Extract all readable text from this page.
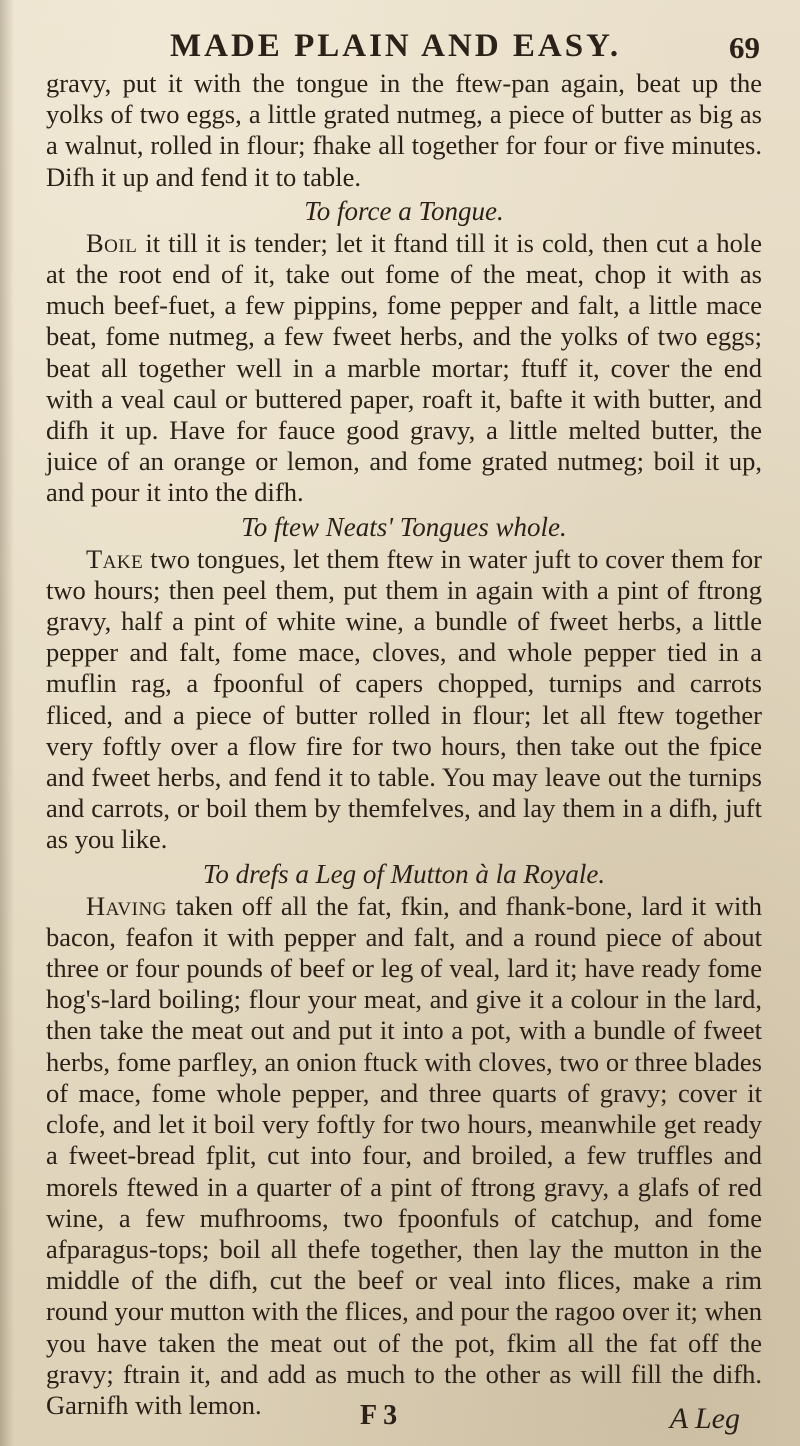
MADE PLAIN AND EASY.	69

gravy, put it with the tongue in the ftew-pan again, beat up the yolks of two eggs, a little grated nutmeg, a piece of butter as big as a walnut, rolled in flour; fhake all together for four or five minutes. Difh it up and fend it to table.

To force a Tongue.

Boil it till it is tender; let it ftand till it is cold, then cut a hole at the root end of it, take out fome of the meat, chop it with as much beef-fuet, a few pippins, fome pepper and falt, a little mace beat, fome nutmeg, a few fweet herbs, and the yolks of two eggs; beat all together well in a marble mortar; ftuff it, cover the end with a veal caul or buttered paper, roaft it, bafte it with butter, and difh it up. Have for fauce good gravy, a little melted butter, the juice of an orange or lemon, and fome grated nutmeg; boil it up, and pour it into the difh.

To ftew Neats' Tongues whole.

Take two tongues, let them ftew in water juft to cover them for two hours; then peel them, put them in again with a pint of ftrong gravy, half a pint of white wine, a bundle of fweet herbs, a little pepper and falt, fome mace, cloves, and whole pepper tied in a muflin rag, a fpoonful of capers chopped, turnips and carrots fliced, and a piece of butter rolled in flour; let all ftew together very foftly over a flow fire for two hours, then take out the fpice and fweet herbs, and fend it to table. You may leave out the turnips and carrots, or boil them by themfelves, and lay them in a difh, juft as you like.

To drefs a Leg of Mutton à la Royale.

Having taken off all the fat, fkin, and fhank-bone, lard it with bacon, feafon it with pepper and falt, and a round piece of about three or four pounds of beef or leg of veal, lard it; have ready fome hog's-lard boiling; flour your meat, and give it a colour in the lard, then take the meat out and put it into a pot, with a bundle of fweet herbs, fome parfley, an onion ftuck with cloves, two or three blades of mace, fome whole pepper, and three quarts of gravy; cover it clofe, and let it boil very foftly for two hours, meanwhile get ready a fweet-bread fplit, cut into four, and broiled, a few truffles and morels ftewed in a quarter of a pint of ftrong gravy, a glafs of red wine, a few mufhrooms, two fpoonfuls of catchup, and fome afparagus-tops; boil all thefe together, then lay the mutton in the middle of the difh, cut the beef or veal into flices, make a rim round your mutton with the flices, and pour the ragoo over it; when you have taken the meat out of the pot, fkim all the fat off the gravy; ftrain it, and add as much to the other as will fill the difh. Garnifh with lemon.	F 3	A Leg
